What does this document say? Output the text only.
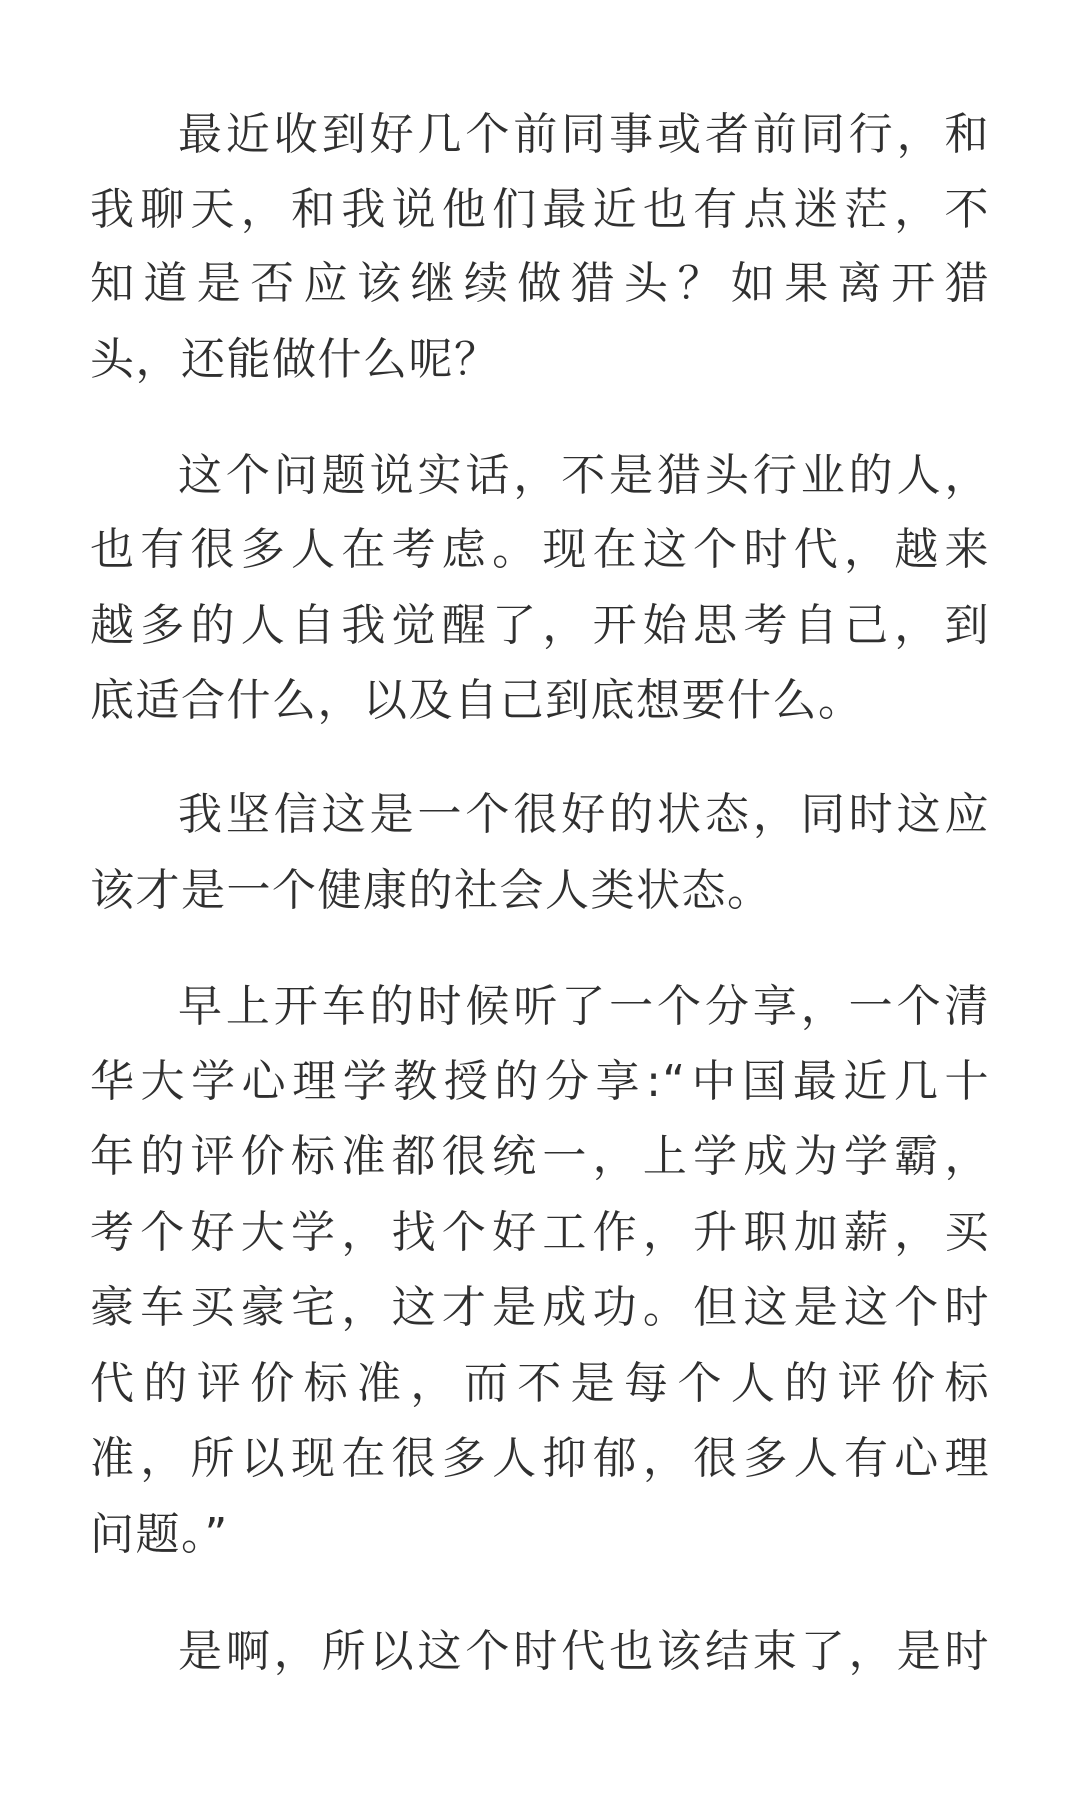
最近收到好几个前同事或者前同行，和

我聊天，和我说他们最近也有点迷茫，不

知道是否应该继续做猎头？如果离开猎

头，还能做什么呢？

这个问题说实话，不是猎头行业的人，

也有很多人在考虑。现在这个时代，越来

越多的人自我觉醒了，开始思考自己，到

底适合什么，以及自己到底想要什么。

我坚信这是一个很好的状态，同时这应

该才是一个健康的社会人类状态。

早上开车的时候听了一个分享，一个清

华大学心理学教授的分享:“中国最近几十

年的评价标准都很统一，上学成为学霸，

考个好大学，找个好工作，升职加薪，买

豪车买豪宅，这才是成功。但这是这个时

代的评价标准，而不是每个人的评价标

准，所以现在很多人抑郁，很多人有心理

问题。”

是啊，所以这个时代也该结束了，是时
